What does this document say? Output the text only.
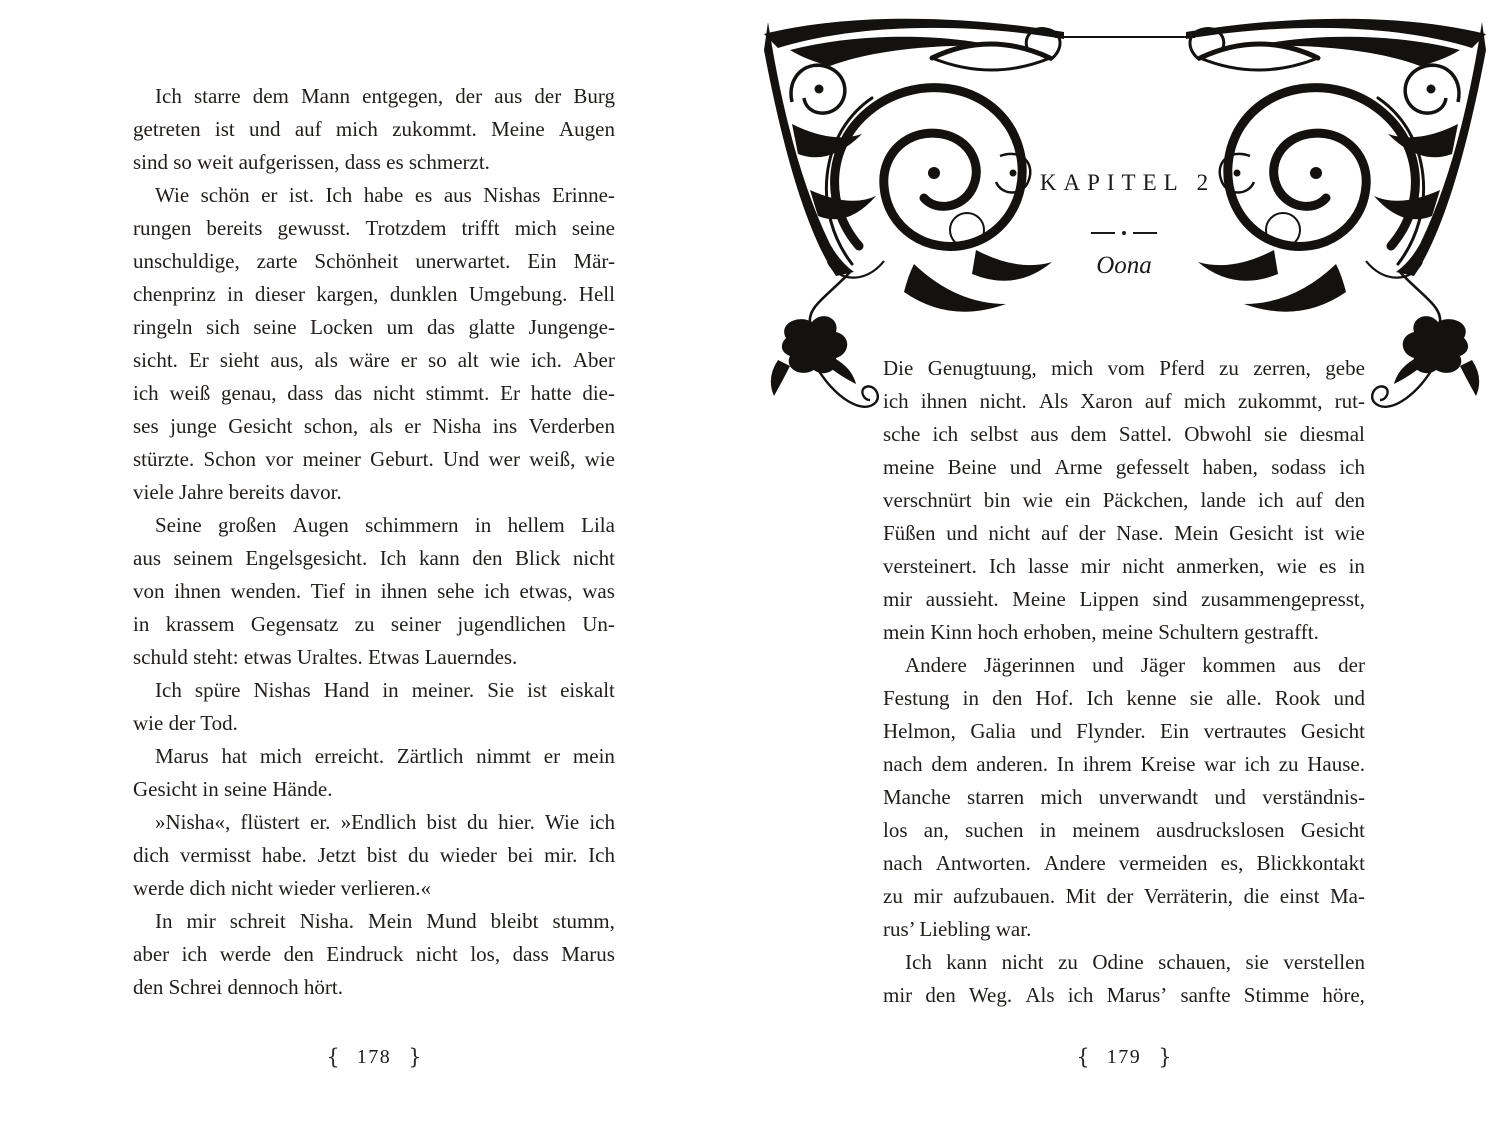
Ich starre dem Mann entgegen, der aus der Burg
getreten ist und auf mich zukommt. Meine Augen
sind so weit aufgerissen, dass es schmerzt.
Wie schön er ist. Ich habe es aus Nishas Erinne-
rungen bereits gewusst. Trotzdem trifft mich seine
unschuldige, zarte Schönheit unerwartet. Ein Mär-
chenprinz in dieser kargen, dunklen Umgebung. Hell
ringeln sich seine Locken um das glatte Jungenge-
sicht. Er sieht aus, als wäre er so alt wie ich. Aber
ich weiß genau, dass das nicht stimmt. Er hatte die-
ses junge Gesicht schon, als er Nisha ins Verderben
stürzte. Schon vor meiner Geburt. Und wer weiß, wie
viele Jahre bereits davor.
Seine großen Augen schimmern in hellem Lila
aus seinem Engelsgesicht. Ich kann den Blick nicht
von ihnen wenden. Tief in ihnen sehe ich etwas, was
in krassem Gegensatz zu seiner jugendlichen Un-
schuld steht: etwas Uraltes. Etwas Lauerndes.
Ich spüre Nishas Hand in meiner. Sie ist eiskalt
wie der Tod.
Marus hat mich erreicht. Zärtlich nimmt er mein
Gesicht in seine Hände.
»Nisha«, flüstert er. »Endlich bist du hier. Wie ich
dich vermisst habe. Jetzt bist du wieder bei mir. Ich
werde dich nicht wieder verlieren.«
In mir schreit Nisha. Mein Mund bleibt stumm,
aber ich werde den Eindruck nicht los, dass Marus
den Schrei dennoch hört.
{ 178 }
KAPITEL 2
Oona
Die Genugtuung, mich vom Pferd zu zerren, gebe
ich ihnen nicht. Als Xaron auf mich zukommt, rut-
sche ich selbst aus dem Sattel. Obwohl sie diesmal
meine Beine und Arme gefesselt haben, sodass ich
verschnürt bin wie ein Päckchen, lande ich auf den
Füßen und nicht auf der Nase. Mein Gesicht ist wie
versteinert. Ich lasse mir nicht anmerken, wie es in
mir aussieht. Meine Lippen sind zusammengepresst,
mein Kinn hoch erhoben, meine Schultern gestrafft.
Andere Jägerinnen und Jäger kommen aus der
Festung in den Hof. Ich kenne sie alle. Rook und
Helmon, Galia und Flynder. Ein vertrautes Gesicht
nach dem anderen. In ihrem Kreise war ich zu Hause.
Manche starren mich unverwandt und verständnis-
los an, suchen in meinem ausdruckslosen Gesicht
nach Antworten. Andere vermeiden es, Blickkontakt
zu mir aufzubauen. Mit der Verräterin, die einst Ma-
rus’ Liebling war.
Ich kann nicht zu Odine schauen, sie verstellen
mir den Weg. Als ich Marus’ sanfte Stimme höre,
{ 179 }
